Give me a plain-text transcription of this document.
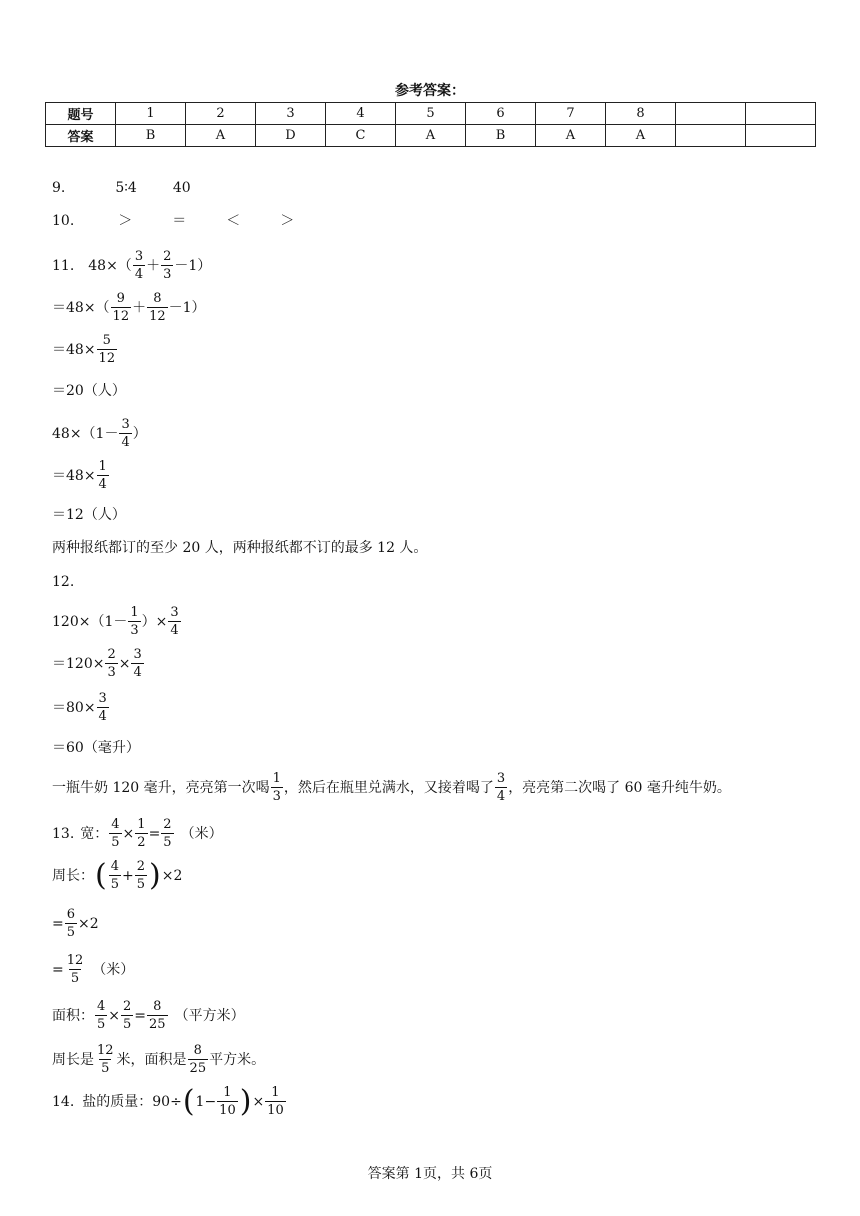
参考答案：
题号	1	2	3	4	5	6	7	8		
答案	B	A	D	C	A	B	A	A		
9.	5∶4	40
10.	＞	＝	＜	＞
11. $48\times( \frac{3}{4} + \frac{2}{3} -1)$
$=48\times( \frac{9}{12} + \frac{8}{12} -1)$
$=48\times \frac{5}{12}$
＝20（人）
$48\times(1- \frac{3}{4}$ ）
$=48\times \frac{1}{4}$
＝12（人）
两种报纸都订的至少 20 人，两种报纸都不订的最多 12 人。
12.
$120\times(1- \frac{1}{3}$ ）× $\frac{3}{4}$
$=120\times \frac{2}{3} \times \frac{3}{4}$
$=80\times \frac{3}{4}$
＝60（毫升）
一瓶牛奶 120 毫升，亮亮第一次喝 $\frac{1}{3}$ ，然后在瓶里兑满水，又接着喝了 $\frac{3}{4}$ ，亮亮第二次喝了 60 毫升纯牛奶。
13. 宽： $\frac{4}{5} \times \frac{1}{2} = \frac{2}{5}$ （米）
周长： ( $\frac{4}{5} + \frac{2}{5}$ ) ×2
= $\frac{6}{5} \times 2$
= $\frac{12}{5}$ （米）
面积： $\frac{4}{5} \times \frac{2}{5} = \frac{8}{25}$ （平方米）
周长是 $\frac{12}{5}$ 米，面积是 $\frac{8}{25}$ 平方米。
14. 盐的质量： 90÷ ( $1- \frac{1}{10}$ ) × $\frac{1}{10}$
答案第 1页，共 6页
